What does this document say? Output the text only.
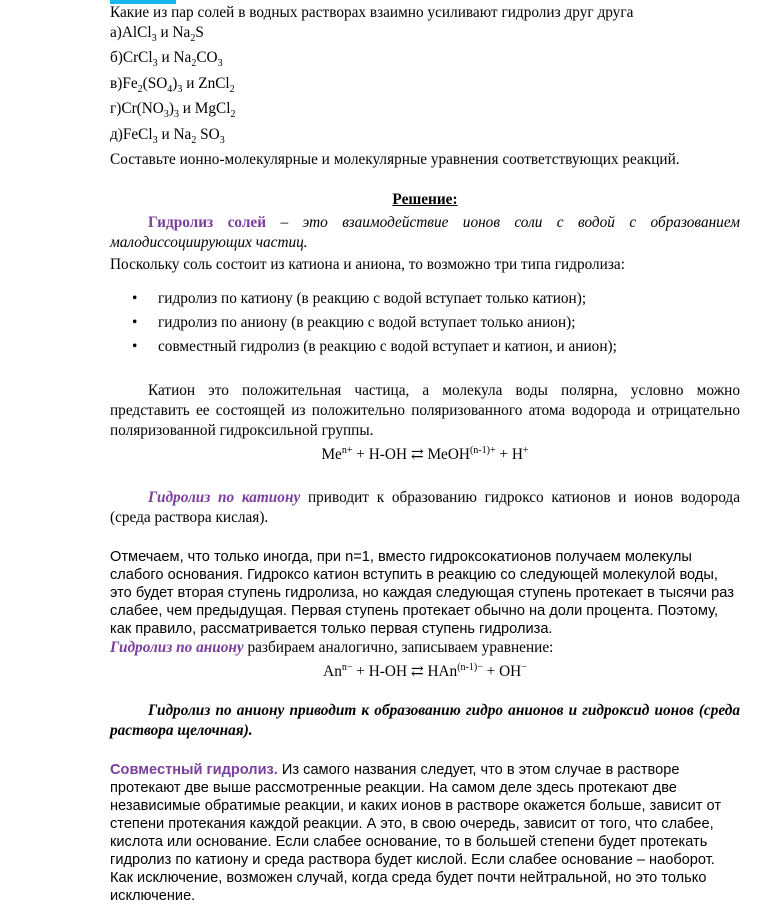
Какие из пар солей в водных растворах взаимно усиливают гидролиз друг друга

а)AlCl$_3$ и $Na_2S$

б)CrCl$_3$ и $Na_2CO_3$

$в)Fe_2(SO_4)_3$ и ZnCl$_2$

$г)Cr(NO_3)_3$ и MgCl$_2$

д)FeCl$_3$ и $Na_2$ $SO_3$

Составьте ионно-молекулярные и молекулярные уравнения соответствующих реакций.

Решение:

Гидролиз солей – это взаимодействие ионов соли с водой с образованием малодиссоциирующих частиц.

Поскольку соль состоит из катиона и аниона, то возможно три типа гидролиза:

• гидролиз по катиону (в реакцию с водой вступает только катион);
• гидролиз по аниону (в реакцию с водой вступает только анион);
• совместный гидролиз (в реакцию с водой вступает и катион, и анион);

Катион это положительная частица, а молекула воды полярна, условно можно представить ее состоящей из положительно поляризованного атома водорода и отрицательно поляризованной гидроксильной группы.

$Me^{n+} + H-OH$ ⇄ MeOH$^{(n-1)+}$ + H+

Гидролиз по катиону приводит к образованию гидроксо катионов и ионов водорода (среда раствора кислая).

Отмечаем, что только иногда, при n=1, вместо гидроксокатионов получаем молекулы слабого основания. Гидроксо катион вступить в реакцию со следующей молекулой воды, это будет вторая ступень гидролиза, но каждая следующая ступень протекает в тысячи раз слабее, чем предыдущая. Первая ступень протекает обычно на доли процента. Поэтому, как правило, рассматривается только первая ступень гидролиза.

Гидролиз по аниону разбираем аналогично, записываем уравнение:

$An^{n-} + H-OH$ ⇄ HAn$^{(n-1)-}$ + OH−

Гидролиз по аниону приводит к образованию гидро анионов и гидроксид ионов (среда раствора щелочная).

Совместный гидролиз. Из самого названия следует, что в этом случае в растворе протекают две выше рассмотренные реакции. На самом деле здесь протекают две независимые обратимые реакции, и каких ионов в растворе окажется больше, зависит от степени протекания каждой реакции. А это, в свою очередь, зависит от того, что слабее, кислота или основание. Если слабее основание, то в большей степени будет протекать гидролиз по катиону и среда раствора будет кислой. Если слабее основание – наоборот. Как исключение, возможен случай, когда среда будет почти нейтральной, но это только исключение.
